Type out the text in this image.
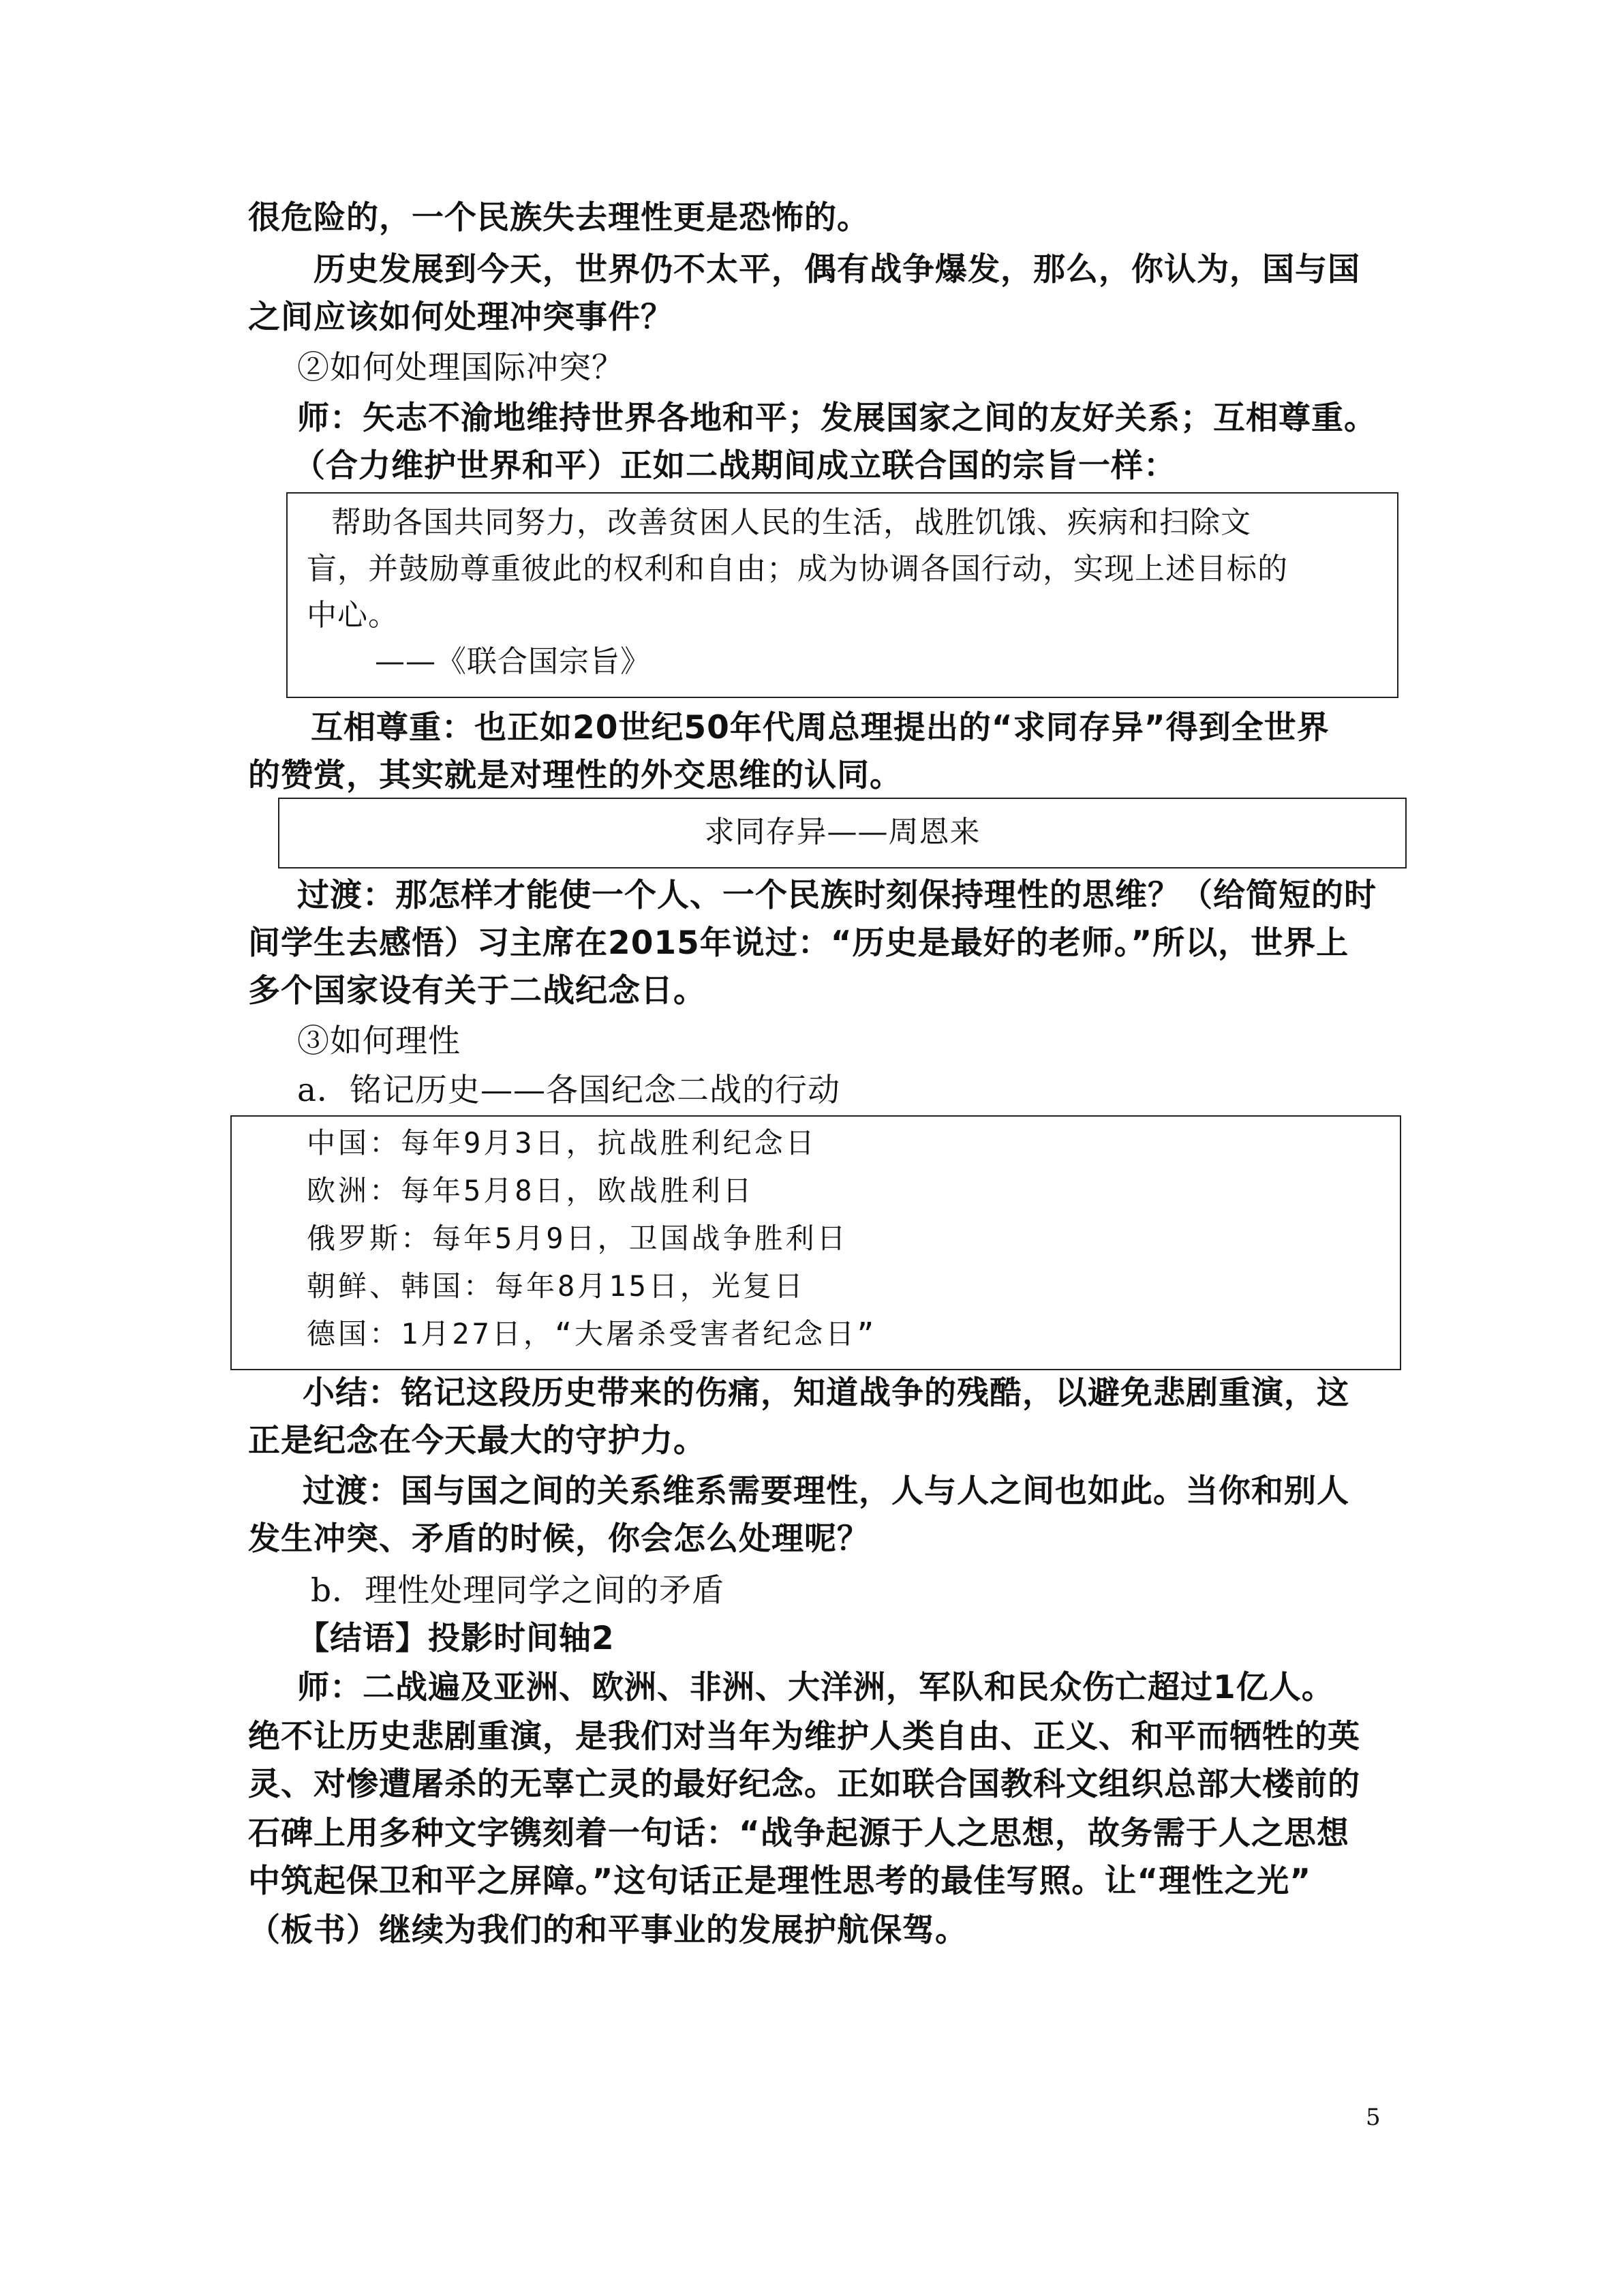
很危险的，一个民族失去理性更是恐怖的。
历史发展到今天，世界仍不太平，偶有战争爆发，那么，你认为，国与国
之间应该如何处理冲突事件？
②如何处理国际冲突？
师：矢志不渝地维持世界各地和平；发展国家之间的友好关系；互相尊重。
（合力维护世界和平）正如二战期间成立联合国的宗旨一样：
帮助各国共同努力，改善贫困人民的生活，战胜饥饿、疾病和扫除文
盲，并鼓励尊重彼此的权利和自由；成为协调各国行动，实现上述目标的
中心。
——《联合国宗旨》
互相尊重：也正如20世纪50年代周总理提出的“求同存异”得到全世界
的赞赏，其实就是对理性的外交思维的认同。
求同存异——周恩来
过渡：那怎样才能使一个人、一个民族时刻保持理性的思维？（给简短的时
间学生去感悟）习主席在2015年说过：“历史是最好的老师。”所以，世界上
多个国家设有关于二战纪念日。
③如何理性
a．铭记历史——各国纪念二战的行动
中国：每年9月3日，抗战胜利纪念日
欧洲：每年5月8日，欧战胜利日
俄罗斯：每年5月9日，卫国战争胜利日
朝鲜、韩国：每年8月15日，光复日
德国：1月27日，“大屠杀受害者纪念日”
小结：铭记这段历史带来的伤痛，知道战争的残酷，以避免悲剧重演，这
正是纪念在今天最大的守护力。
过渡：国与国之间的关系维系需要理性，人与人之间也如此。当你和别人
发生冲突、矛盾的时候，你会怎么处理呢？
b．理性处理同学之间的矛盾
【结语】投影时间轴2
师：二战遍及亚洲、欧洲、非洲、大洋洲，军队和民众伤亡超过1亿人。
绝不让历史悲剧重演，是我们对当年为维护人类自由、正义、和平而牺牲的英
灵、对惨遭屠杀的无辜亡灵的最好纪念。正如联合国教科文组织总部大楼前的
石碑上用多种文字镌刻着一句话：“战争起源于人之思想，故务需于人之思想
中筑起保卫和平之屏障。”这句话正是理性思考的最佳写照。让“理性之光”
（板书）继续为我们的和平事业的发展护航保驾。
5
